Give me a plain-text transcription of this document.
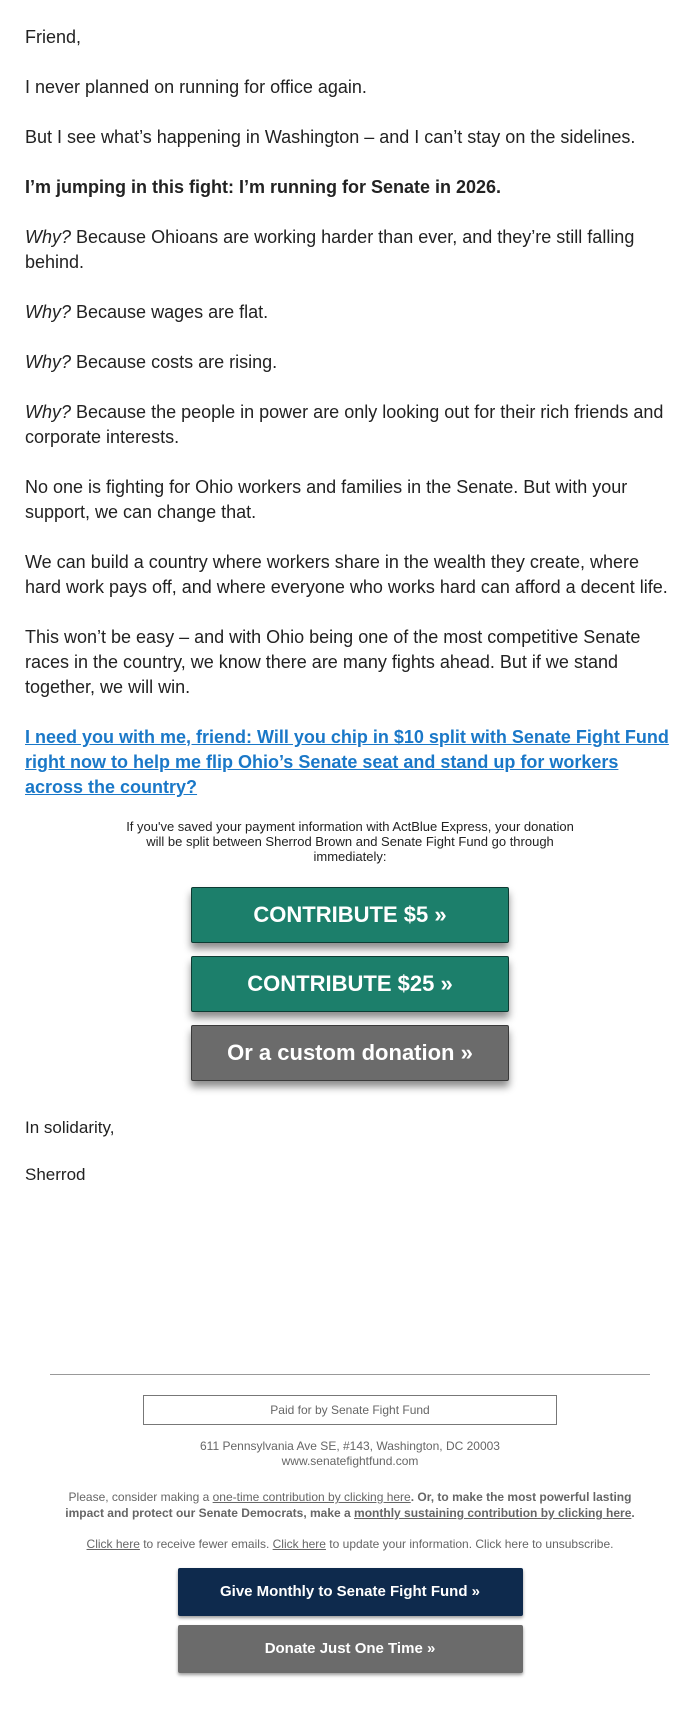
Friend,

I never planned on running for office again.

But I see what’s happening in Washington – and I can’t stay on the sidelines.

I’m jumping in this fight: I’m running for Senate in 2026.

Why? Because Ohioans are working harder than ever, and they’re still falling behind.

Why? Because wages are flat.

Why? Because costs are rising.

Why? Because the people in power are only looking out for their rich friends and corporate interests.

No one is fighting for Ohio workers and families in the Senate. But with your support, we can change that.

We can build a country where workers share in the wealth they create, where hard work pays off, and where everyone who works hard can afford a decent life.

This won’t be easy – and with Ohio being one of the most competitive Senate races in the country, we know there are many fights ahead. But if we stand together, we will win.

I need you with me, friend: Will you chip in $10 split with Senate Fight Fund right now to help me flip Ohio’s Senate seat and stand up for workers across the country?

If you've saved your payment information with ActBlue Express, your donation will be split between Sherrod Brown and Senate Fight Fund go through immediately:

CONTRIBUTE $5 »
CONTRIBUTE $25 »
Or a custom donation »

In solidarity,

Sherrod

Paid for by Senate Fight Fund
611 Pennsylvania Ave SE, #143, Washington, DC 20003
www.senatefightfund.com

Please, consider making a one-time contribution by clicking here. Or, to make the most powerful lasting impact and protect our Senate Democrats, make a monthly sustaining contribution by clicking here.

Click here to receive fewer emails. Click here to update your information. Click here to unsubscribe.
Give Monthly to Senate Fight Fund »
Donate Just One Time »
